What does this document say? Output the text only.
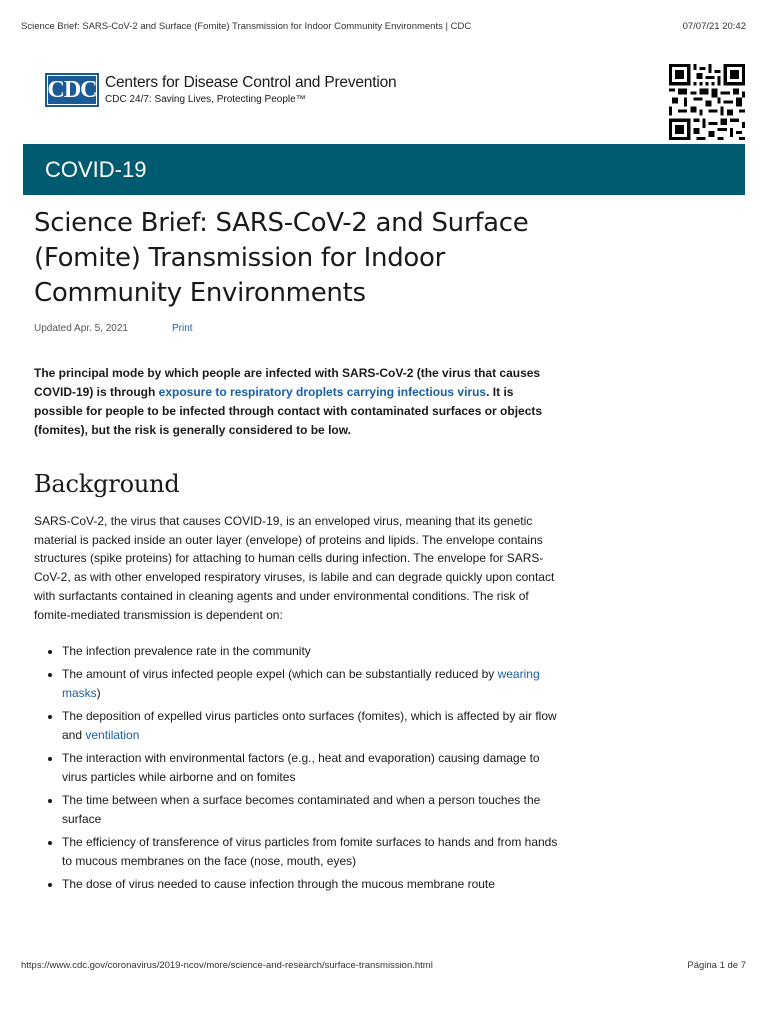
Science Brief: SARS-CoV-2 and Surface (Fomite) Transmission for Indoor Community Environments | CDC	07/07/21 20:42
CDC Centers for Disease Control and Prevention
CDC 24/7: Saving Lives, Protecting People™
COVID-19
Science Brief: SARS-CoV-2 and Surface (Fomite) Transmission for Indoor Community Environments
Updated Apr. 5, 2021	Print

The principal mode by which people are infected with SARS-CoV-2 (the virus that causes COVID-19) is through exposure to respiratory droplets carrying infectious virus. It is possible for people to be infected through contact with contaminated surfaces or objects (fomites), but the risk is generally considered to be low.

Background

SARS-CoV-2, the virus that causes COVID-19, is an enveloped virus, meaning that its genetic material is packed inside an outer layer (envelope) of proteins and lipids. The envelope contains structures (spike proteins) for attaching to human cells during infection. The envelope for SARS-CoV-2, as with other enveloped respiratory viruses, is labile and can degrade quickly upon contact with surfactants contained in cleaning agents and under environmental conditions. The risk of fomite-mediated transmission is dependent on:

• The infection prevalence rate in the community
• The amount of virus infected people expel (which can be substantially reduced by wearing masks)
• The deposition of expelled virus particles onto surfaces (fomites), which is affected by air flow and ventilation
• The interaction with environmental factors (e.g., heat and evaporation) causing damage to virus particles while airborne and on fomites
• The time between when a surface becomes contaminated and when a person touches the surface
• The efficiency of transference of virus particles from fomite surfaces to hands and from hands to mucous membranes on the face (nose, mouth, eyes)
• The dose of virus needed to cause infection through the mucous membrane route
https://www.cdc.gov/coronavirus/2019-ncov/more/science-and-research/surface-transmission.html	Página 1 de 7
